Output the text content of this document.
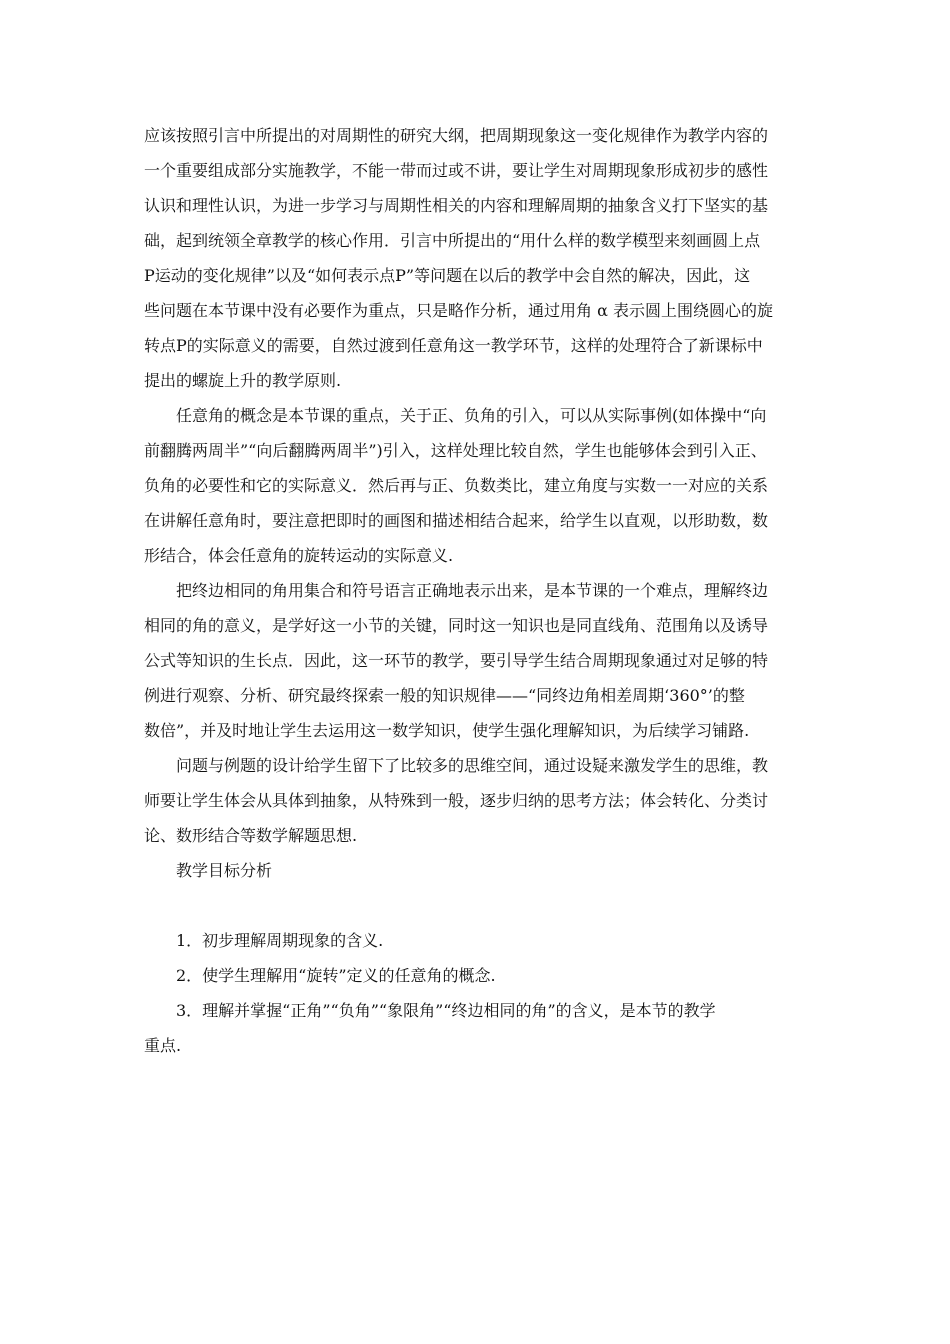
应该按照引言中所提出的对周期性的研究大纲，把周期现象这一变化规律作为教学内容的
一个重要组成部分实施教学，不能一带而过或不讲，要让学生对周期现象形成初步的感性
认识和理性认识，为进一步学习与周期性相关的内容和理解周期的抽象含义打下坚实的基
础，起到统领全章教学的核心作用．引言中所提出的“用什么样的数学模型来刻画圆上点
P运动的变化规律”以及“如何表示点P”等问题在以后的教学中会自然的解决，因此，这
些问题在本节课中没有必要作为重点，只是略作分析，通过用角 α 表示圆上围绕圆心的旋
转点P的实际意义的需要，自然过渡到任意角这一教学环节，这样的处理符合了新课标中
提出的螺旋上升的教学原则.
任意角的概念是本节课的重点，关于正、负角的引入，可以从实际事例(如体操中“向
前翻腾两周半”“向后翻腾两周半”)引入，这样处理比较自然，学生也能够体会到引入正、
负角的必要性和它的实际意义．然后再与正、负数类比，建立角度与实数一一对应的关系
在讲解任意角时，要注意把即时的画图和描述相结合起来，给学生以直观，以形助数，数
形结合，体会任意角的旋转运动的实际意义.
把终边相同的角用集合和符号语言正确地表示出来，是本节课的一个难点，理解终边
相同的角的意义，是学好这一小节的关键，同时这一知识也是同直线角、范围角以及诱导
公式等知识的生长点．因此，这一环节的教学，要引导学生结合周期现象通过对足够的特
例进行观察、分析、研究最终探索一般的知识规律——“同终边角相差周期‘360°’的整
数倍”，并及时地让学生去运用这一数学知识，使学生强化理解知识，为后续学习铺路.
问题与例题的设计给学生留下了比较多的思维空间，通过设疑来激发学生的思维，教
师要让学生体会从具体到抽象，从特殊到一般，逐步归纳的思考方法；体会转化、分类讨
论、数形结合等数学解题思想.
教学目标分析
1．初步理解周期现象的含义.
2．使学生理解用“旋转”定义的任意角的概念.
3．理解并掌握“正角”“负角”“象限角”“终边相同的角”的含义，是本节的教学
重点.
